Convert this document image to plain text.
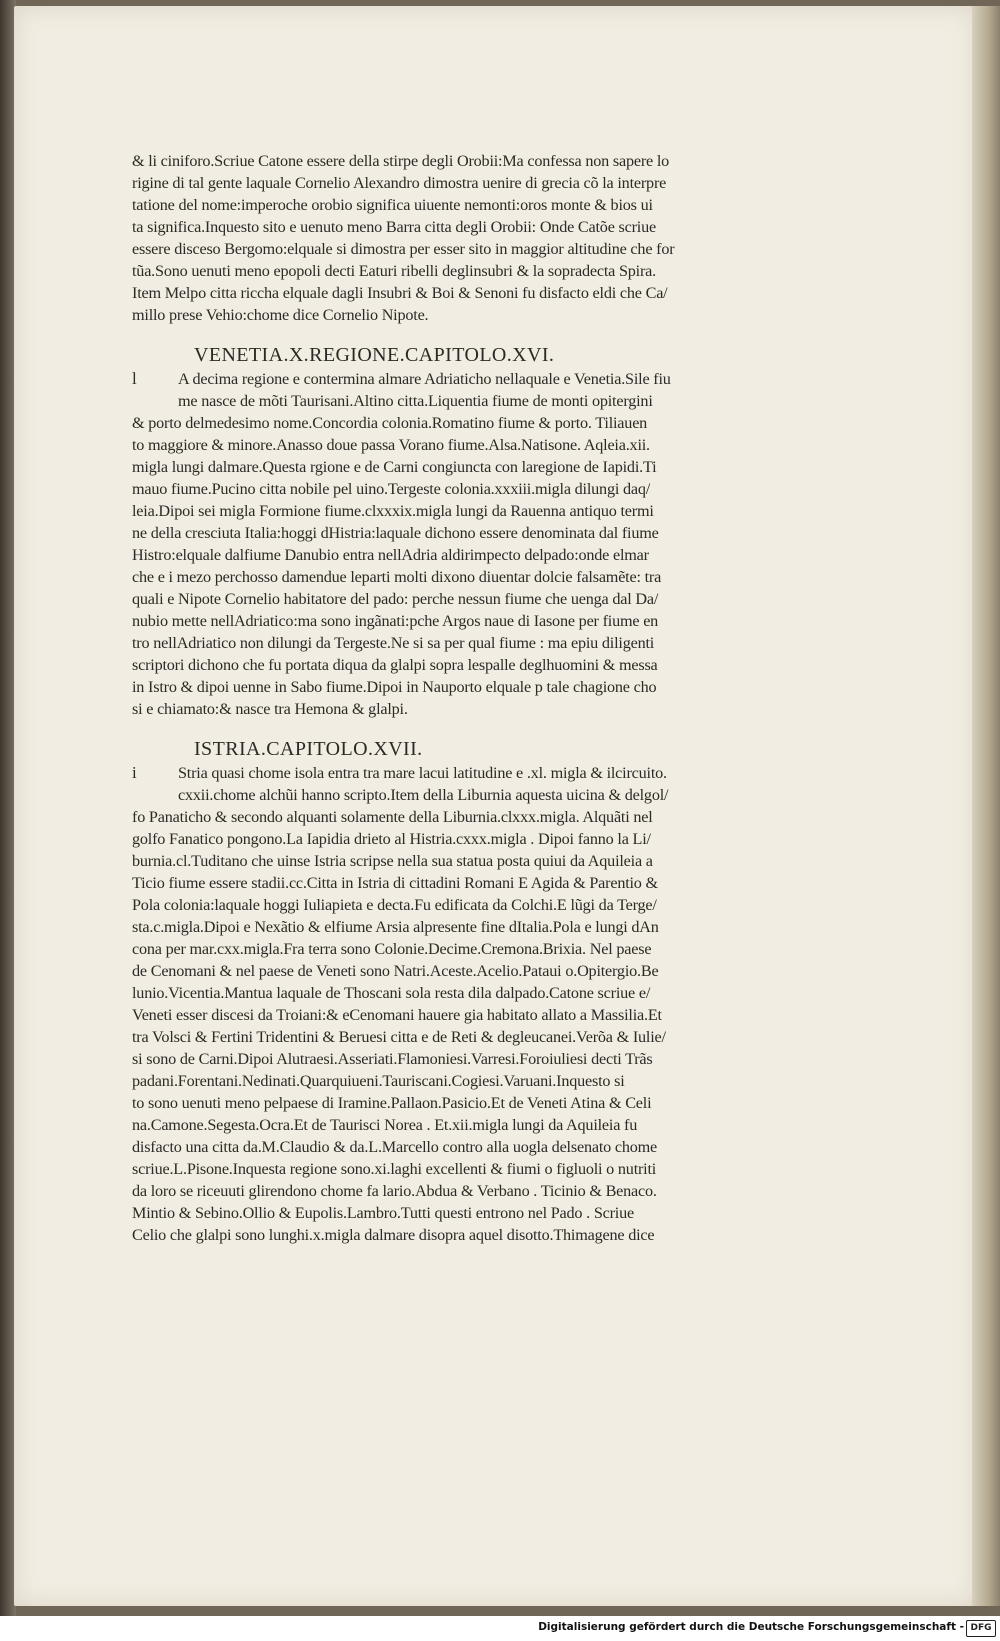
& li ciniforo.Scriue Catone essere della stirpe degli Orobii:Ma confessa non sapere lo
rigine di tal gente laquale Cornelio Alexandro dimostra uenire di grecia cõ la interpre
tatione del nome:imperoche orobio significa uiuente nemonti:oros monte & bios ui
ta significa.Inquesto sito e uenuto meno Barra citta degli Orobii: Onde Catõe scriue
essere disceso Bergomo:elquale si dimostra per esser sito in maggior altitudine che for
tũa.Sono uenuti meno epopoli decti Eaturi ribelli deglinsubri & la sopradecta Spira.
Item Melpo citta riccha elquale dagli Insubri & Boi & Senoni fu disfacto eldi che Ca/
millo prese Vehio:chome dice Cornelio Nipote.
VENETIA.X.REGIONE.CAPITOLO.XVI.
l	A decima regione e contermina almare Adriaticho nellaquale e Venetia.Sile fiu
me nasce de mõti Taurisani.Altino citta.Liquentia fiume de monti opitergini
& porto delmedesimo nome.Concordia colonia.Romatino fiume & porto. Tiliauen
to maggiore & minore.Anasso doue passa Vorano fiume.Alsa.Natisone. Aqleia.xii.
migla lungi dalmare.Questa rgione e de Carni congiuncta con laregione de Iapidi.Ti
mauo fiume.Pucino citta nobile pel uino.Tergeste colonia.xxxiii.migla dilungi daq/
leia.Dipoi sei migla Formione fiume.clxxxix.migla lungi da Rauenna antiquo termi
ne della cresciuta Italia:hoggi dHistria:laquale dichono essere denominata dal fiume
Histro:elquale dalfiume Danubio entra nellAdria aldirimpecto delpado:onde elmar
che e i mezo perchosso damendue leparti molti dixono diuentar dolcie falsamẽte: tra
quali e Nipote Cornelio habitatore del pado: perche nessun fiume che uenga dal Da/
nubio mette nellAdriatico:ma sono ingãnati:pche Argos naue di Iasone per fiume en
tro nellAdriatico non dilungi da Tergeste.Ne si sa per qual fiume : ma epiu diligenti
scriptori dichono che fu portata diqua da glalpi sopra lespalle deglhuomini & messa
in Istro & dipoi uenne in Sabo fiume.Dipoi in Nauporto elquale p tale chagione cho
si e chiamato:& nasce tra Hemona & glalpi.
ISTRIA.CAPITOLO.XVII.
i	Stria quasi chome isola entra tra mare lacui latitudine e .xl. migla & ilcircuito.
cxxii.chome alchũi hanno scripto.Item della Liburnia aquesta uicina & delgol/
fo Panaticho & secondo alquanti solamente della Liburnia.clxxx.migla. Alquãti nel
golfo Fanatico pongono.La Iapidia drieto al Histria.cxxx.migla . Dipoi fanno la Li/
burnia.cl.Tuditano che uinse Istria scripse nella sua statua posta quiui da Aquileia a
Ticio fiume essere stadii.cc.Citta in Istria di cittadini Romani E Agida & Parentio &
Pola colonia:laquale hoggi Iuliapieta e decta.Fu edificata da Colchi.E lũgi da Terge/
sta.c.migla.Dipoi e Nexãtio & elfiume Arsia alpresente fine dItalia.Pola e lungi dAn
cona per mar.cxx.migla.Fra terra sono Colonie.Decime.Cremona.Brixia. Nel paese
de Cenomani & nel paese de Veneti sono Natri.Aceste.Acelio.Pataui o.Opitergio.Be
lunio.Vicentia.Mantua laquale de Thoscani sola resta dila dalpado.Catone scriue e/
Veneti esser discesi da Troiani:& eCenomani hauere gia habitato allato a Massilia.Et
tra Volsci & Fertini Tridentini & Beruesi citta e de Reti & degleucanei.Verõa & Iulie/
si sono de Carni.Dipoi Alutraesi.Asseriati.Flamoniesi.Varresi.Foroiuliesi decti Trãs
padani.Forentani.Nedinati.Quarquiueni.Tauriscani.Cogiesi.Varuani.Inquesto si
to sono uenuti meno pelpaese di Iramine.Pallaon.Pasicio.Et de Veneti Atina & Celi
na.Camone.Segesta.Ocra.Et de Taurisci Norea . Et.xii.migla lungi da Aquileia fu
disfacto una citta da.M.Claudio & da.L.Marcello contro alla uogla delsenato chome
scriue.L.Pisone.Inquesta regione sono.xi.laghi excellenti & fiumi o figluoli o nutriti
da loro se riceuuti glirendono chome fa lario.Abdua & Verbano . Ticinio & Benaco.
Mintio & Sebino.Ollio & Eupolis.Lambro.Tutti questi entrono nel Pado . Scriue
Celio che glalpi sono lunghi.x.migla dalmare disopra aquel disotto.Thimagene dice
Digitalisierung gefördert durch die Deutsche Forschungsgemeinschaft - DFG
